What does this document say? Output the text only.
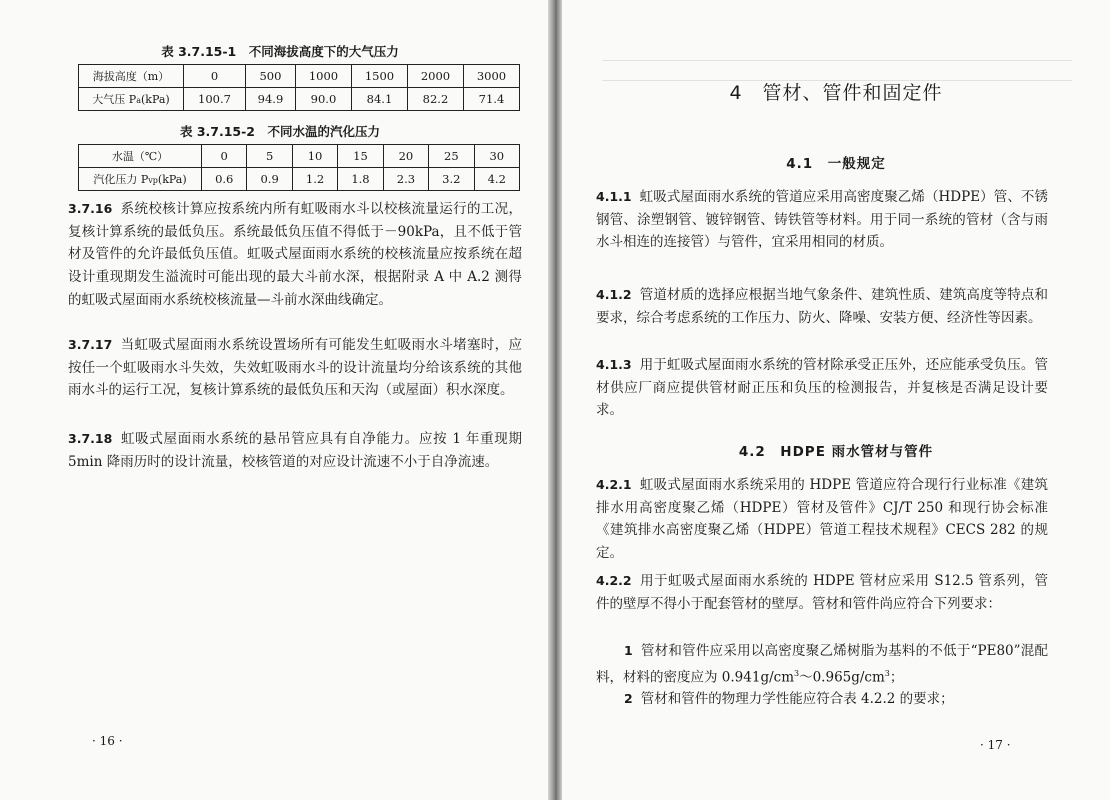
表 3.7.15-1　不同海拔高度下的大气压力
海拔高度（m）	0	500	1000	1500	2000	3000
大气压 Pa(kPa)	100.7	94.9	90.0	84.1	82.2	71.4
表 3.7.15-2　不同水温的汽化压力
水温（℃）	0	5	10	15	20	25	30
汽化压力 Pvp(kPa)	0.6	0.9	1.2	1.8	2.3	3.2	4.2
3.7.16 系统校核计算应按系统内所有虹吸雨水斗以校核流量运行的工况，复核计算系统的最低负压。系统最低负压值不得低于－90kPa，且不低于管材及管件的允许最低负压值。虹吸式屋面雨水系统的校核流量应按系统在超设计重现期发生溢流时可能出现的最大斗前水深，根据附录 A 中 A.2 测得的虹吸式屋面雨水系统校核流量—斗前水深曲线确定。
3.7.17 当虹吸式屋面雨水系统设置场所有可能发生虹吸雨水斗堵塞时，应按任一个虹吸雨水斗失效，失效虹吸雨水斗的设计流量均分给该系统的其他雨水斗的运行工况，复核计算系统的最低负压和天沟（或屋面）积水深度。
3.7.18 虹吸式屋面雨水系统的悬吊管应具有自净能力。应按 1 年重现期 5min 降雨历时的设计流量，校核管道的对应设计流速不小于自净流速。
· 16 ·
4　管材、管件和固定件
4.1　一般规定
4.1.1 虹吸式屋面雨水系统的管道应采用高密度聚乙烯（HDPE）管、不锈钢管、涂塑钢管、镀锌钢管、铸铁管等材料。用于同一系统的管材（含与雨水斗相连的连接管）与管件，宜采用相同的材质。
4.1.2 管道材质的选择应根据当地气象条件、建筑性质、建筑高度等特点和要求，综合考虑系统的工作压力、防火、降噪、安装方便、经济性等因素。
4.1.3 用于虹吸式屋面雨水系统的管材除承受正压外，还应能承受负压。管材供应厂商应提供管材耐正压和负压的检测报告，并复核是否满足设计要求。
4.2　HDPE 雨水管材与管件
4.2.1 虹吸式屋面雨水系统采用的 HDPE 管道应符合现行行业标准《建筑排水用高密度聚乙烯（HDPE）管材及管件》CJ/T 250 和现行协会标准《建筑排水高密度聚乙烯（HDPE）管道工程技术规程》CECS 282 的规定。
4.2.2 用于虹吸式屋面雨水系统的 HDPE 管材应采用 S12.5 管系列，管件的壁厚不得小于配套管材的壁厚。管材和管件尚应符合下列要求：
1 管材和管件应采用以高密度聚乙烯树脂为基料的不低于“PE80”混配料，材料的密度应为 $0.941g/cm^3\sim 0.965g/cm^3$；
2 管材和管件的物理力学性能应符合表 4.2.2 的要求；
· 17 ·
